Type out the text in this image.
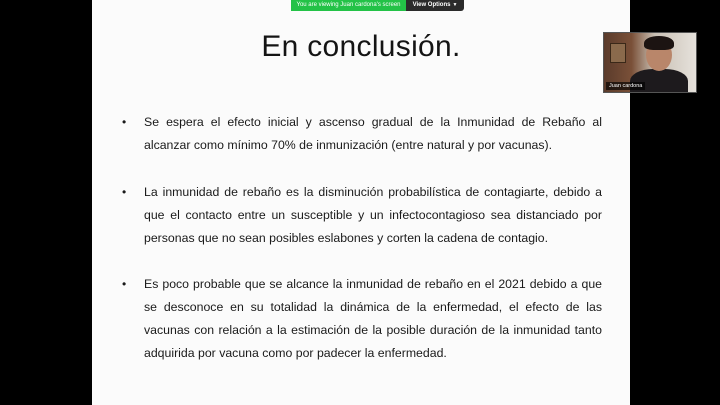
En conclusión.
•	Se espera el efecto inicial y ascenso gradual de la Inmunidad de Rebaño al alcanzar como mínimo 70% de inmunización (entre natural y por vacunas).
•	La inmunidad de rebaño es la disminución probabilística de contagiarte, debido a que el contacto entre un susceptible y un infectocontagioso sea distanciado por personas que no sean posibles eslabones y corten la cadena de contagio.
•	Es poco probable que se alcance la inmunidad de rebaño en el 2021 debido a que se desconoce en su totalidad la dinámica de la enfermedad, el efecto de las vacunas con relación a la estimación de la posible duración de la inmunidad tanto adquirida por vacuna como por padecer la enfermedad.
You are viewing Juan cardona's screen	View Options ▼
Juan cardona
